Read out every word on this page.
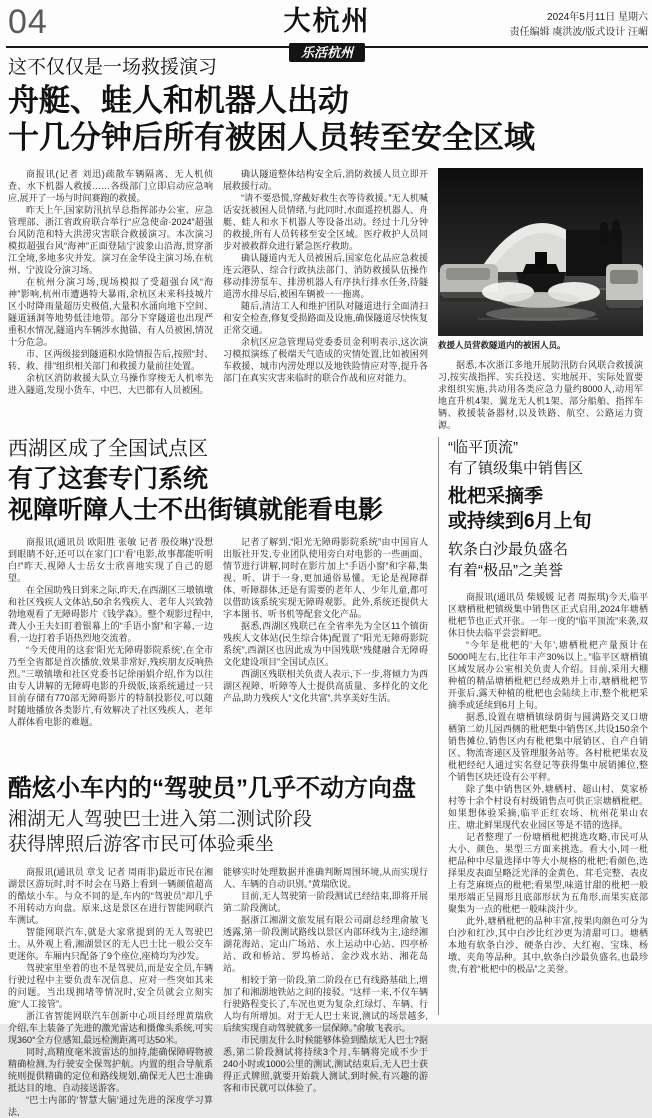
04	大杭州
乐活杭州
2024年5月11日 星期六
责任编辑 虞洪波/版式设计 汪嵋

这不仅仅是一场救援演习

舟艇、蛙人和机器人出动

十几分钟后所有被困人员转至安全区域

商报讯(记者 刘迅)疏散车辆隔离、无人机侦查、水下机器人救援……各级部门立即启动应急响应,展开了一场与时间赛跑的救援。

昨天上午,国家防汛抗旱总指挥部办公室、应急管理部、浙江省政府联合举行“应急使命·2024”超强台风防范和特大洪涝灾害联合救援演习。本次演习模拟超强台风“海神”正面登陆宁波象山沿海,贯穿浙江全境,多地多灾并发。演习在金华设主演习场,在杭州、宁波设分演习场。

在杭州分演习场,现场模拟了受超强台风“海神”影响,杭州市遭遇特大暴雨,余杭区未来科技城片区小时降雨量超历史极值,大量积水涌向地下空间、隧道涵洞等地势低洼地带。部分下穿隧道也出现严重积水情况,隧道内车辆涉水抛锚、有人员被困,情况十分危急。

市、区两级接到隧道积水险情报告后,按照“封、转、救、排”组织相关部门和救援力量前往处置。

余杭区消防救援大队立马操作穿梭无人机率先进入隧道,发现小货车、中巴、大巴都有人员被困。

确认隧道整体结构安全后,消防救援人员立即开展救援行动。

“请不要恐慌,穿戴好救生衣等待救援。”无人机喊话安抚被困人员情绪,与此同时,水面遥控机器人、舟艇、蛙人和水下机器人等设备出动。经过十几分钟的救援,所有人员转移至安全区域。医疗救护人员同步对被救群众进行紧急医疗救助。

确认隧道内无人员被困后,国家危化品应急救援连云港队、综合行政执法部门、消防救援队伍操作移动排涝泵车、排涝机器人有序执行排水任务,待隧道涝水排尽后,被困车辆被一一拖离。

随后,清洁工人和维护团队对隧道进行全面清扫和安全检查,修复受损路面及设施,确保隧道尽快恢复正常交通。

余杭区应急管理局党委委员金利明表示,这次演习模拟演练了极端天气造成的灾情处置,比如被困列车救援、城市内涝处理以及地铁险情应对等,提升各部门在真实灾害来临时的联合作战和应对能力。

救援人员营救隧道内的被困人员。

据悉,本次浙江多地开展防汛防台风联合救援演习,按实战指挥、实兵投送、实地展开、实际处置要求组织实施,共动用各类应急力量约8000人,动用军地直升机4架、翼龙无人机1架、部分船舶、指挥车辆、救援装备器材,以及铁路、航空、公路运力资源。

西湖区成了全国试点区

有了这套专门系统

视障听障人士不出街镇就能看电影

商报讯(通讯员 欧阳胜 张敏 记者 殷佼琳)“没想到眼睛不好,还可以在家门口‘看’电影,故事都能听明白!”昨天,视障人士岳女士欣喜地实现了自己的愿望。

在全国助残日到来之际,昨天,在西湖区三墩镇墩和社区残疾人文体站,50余名残疾人、老年人兴致勃勃地观看了无障碍影片《钱学森》。整个观影过程中,聋人小王夫妇盯着银幕上的“手语小窗”和字幕,一边看,一边打着手语热烈地交流着。

“今天使用的这套‘阳光无障碍影院系统’,在全市乃至全省都是首次播放,效果非常好,残疾朋友反响热烈。”三墩镇墩和社区党委书记徐丽娟介绍,作为以往由专人讲解的无障碍电影的升级版,该系统通过一只目前存储有770部无障碍影片的特制投影仪,可以随时随地播放各类影片,有效解决了社区残疾人、老年人群体看电影的难题。

记者了解到,“阳光无障碍影院系统”由中国盲人出版社开发,专业团队使用旁白对电影的一些画面、情节进行讲解,同时在影片加上“手语小窗”和字幕,集视、听、讲于一身,更加通俗易懂。无论是视障群体、听障群体,还是有需要的老年人、少年儿童,都可以借助该系统实现无障碍观影。此外,系统还提供大字本图书、听书机等配套文化产品。

据悉,西湖区残联已在全省率先为全区11个镇街残疾人文体站(民生综合体)配置了“阳光无障碍影院系统”,西湖区也因此成为中国残联“残健融合无障碍文化建设项目”全国试点区。

西湖区残联相关负责人表示,下一步,将倾力为西湖区视障、听障等人士提供高质量、多样化的文化产品,助力残疾人“文化共富”,共享美好生活。

酷炫小车内的“驾驶员”几乎不动方向盘

湘湖无人驾驶巴士进入第二测试阶段

获得牌照后游客市民可体验乘坐

商报讯(通讯员 章戈 记者 周雨非)最近市民在湘湖景区游玩时,时不时会在马路上看到一辆颜值超高的酷炫小车。与众不同的是,车内的“驾驶员”却几乎不用转动方向盘。原来,这是景区在进行智能网联汽车测试。

智能网联汽车,就是大家常提到的无人驾驶巴士。从外观上看,湘湖景区的无人巴士比一般公交车更迷你。车厢内只配备了9个座位,座椅均为沙发。

驾驶室里坐着的也不是驾驶员,而是安全员,车辆行驶过程中主要负责车况信息、应对一些突如其来的问题。当出现拥堵等情况时,安全员就会立刻实施“人工接管”。

浙江省智能网联汽车创新中心项目经理黄瑞欣介绍,车上装备了先进的激光雷达和摄像头系统,可实现360°全方位感知,最远检测距离可达50米。

同时,高精度毫米波雷达的加持,能确保障碍物被精确检测,为行驶安全保驾护航。内置的组合导航系统则提供精确的定位和路线规划,确保无人巴士准确抵达目的地、自动接送游客。

“巴士内部的‘智慧大脑’通过先进的深度学习算法,

能够实时处理数据并准确判断周围环境,从而实现行人、车辆的自动识别。”黄瑞欣说。

目前,无人驾驶第一阶段测试已经结束,即将开展第二阶段测试。

据浙江湘湖文旅发展有限公司副总经理俞敏飞透露,第一阶段测试路线以景区内部环线为主,途经湘湖花海站、定山广场站、水上运动中心站、四亭桥站、政和桥站、罗坞桥站、金沙戏水站、湘花岛站。

相较于第一阶段,第二阶段在已有线路基础上,增加了和湘湖地铁站之间的接驳。“这样一来,不仅车辆行驶路程变长了,车况也更为复杂,红绿灯、车辆、行人均有所增加。对于无人巴士来说,测试的场景越多,后续实现自动驾驶就多一层保障。”俞敏飞表示。

市民朋友什么时候能够体验到酷炫无人巴士?据悉,第二阶段测试将持续3个月,车辆将完成不少于240小时或1000公里的测试,测试结束后,无人巴士获得正式牌照,就要开始载人测试,到时候,有兴趣的游客和市民就可以体验了。

“临平顶流”

有了镇级集中销售区

枇杷采摘季

或持续到6月上旬

软条白沙最负盛名

有着“极品”之美誉

商报讯(通讯员 柴媛媛 记者 周振琪)今天,临平区塘栖枇杷镇级集中销售区正式启用,2024年塘栖枇杷节也正式开张。一年一度的“临平顶流”来袭,双休日快去临平尝尝鲜吧。

“今年是枇杷的‘大年’,塘栖枇杷产量预计在5000吨左右,比往年丰产30%以上。”临平区塘栖镇区域发展办公室相关负责人介绍。目前,采用大棚种植的精品塘栖枇杷已经成熟并上市,塘栖枇杷节开张后,露天种植的枇杷也会陆续上市,整个枇杷采摘季或延续到6月上旬。

据悉,设置在塘栖镇绿荫街与圆满路交叉口塘栖第二幼儿园西侧的枇杷集中销售区,共设150余个销售摊位,销售区内有枇杷集中展销区、自产自销区、物流寄递区及管理服务站等。各村枇杷果农及枇杷经纪人通过实名登记等获得集中展销摊位,整个销售区块还设有公平秤。

除了集中销售区外,塘栖村、超山村、莫家桥村等十余个村设有村级销售点可供正宗塘栖枇杷。如果想体验采摘,临平正红农场、杭州花果山农庄、塘北鲜果现代农业园区等是不错的选择。

记者整理了一份塘栖枇杷挑选攻略,市民可从大小、颜色、果型三方面来挑选。看大小,同一枇杷品种中尽量选择中等大小规格的枇杷;看颜色,选择果皮表面呈略泛光泽的金黄色、茸毛完整、表皮上有芝麻斑点的枇杷;看果型,味道甘甜的枇杷一般果形端正呈圆形且底部形状为五角形,而果实底部聚集为一点的枇杷一般味淡汁少。

此外,塘栖枇杷的品种丰富,按果肉颜色可分为白沙和红沙,其中白沙比红沙更为清甜可口。塘栖本地有软条白沙、硬条白沙、大红袍、宝珠、杨墩、夹角等品种。其中,软条白沙最负盛名,也最珍贵,有着“枇杷中的极品”之美誉。
